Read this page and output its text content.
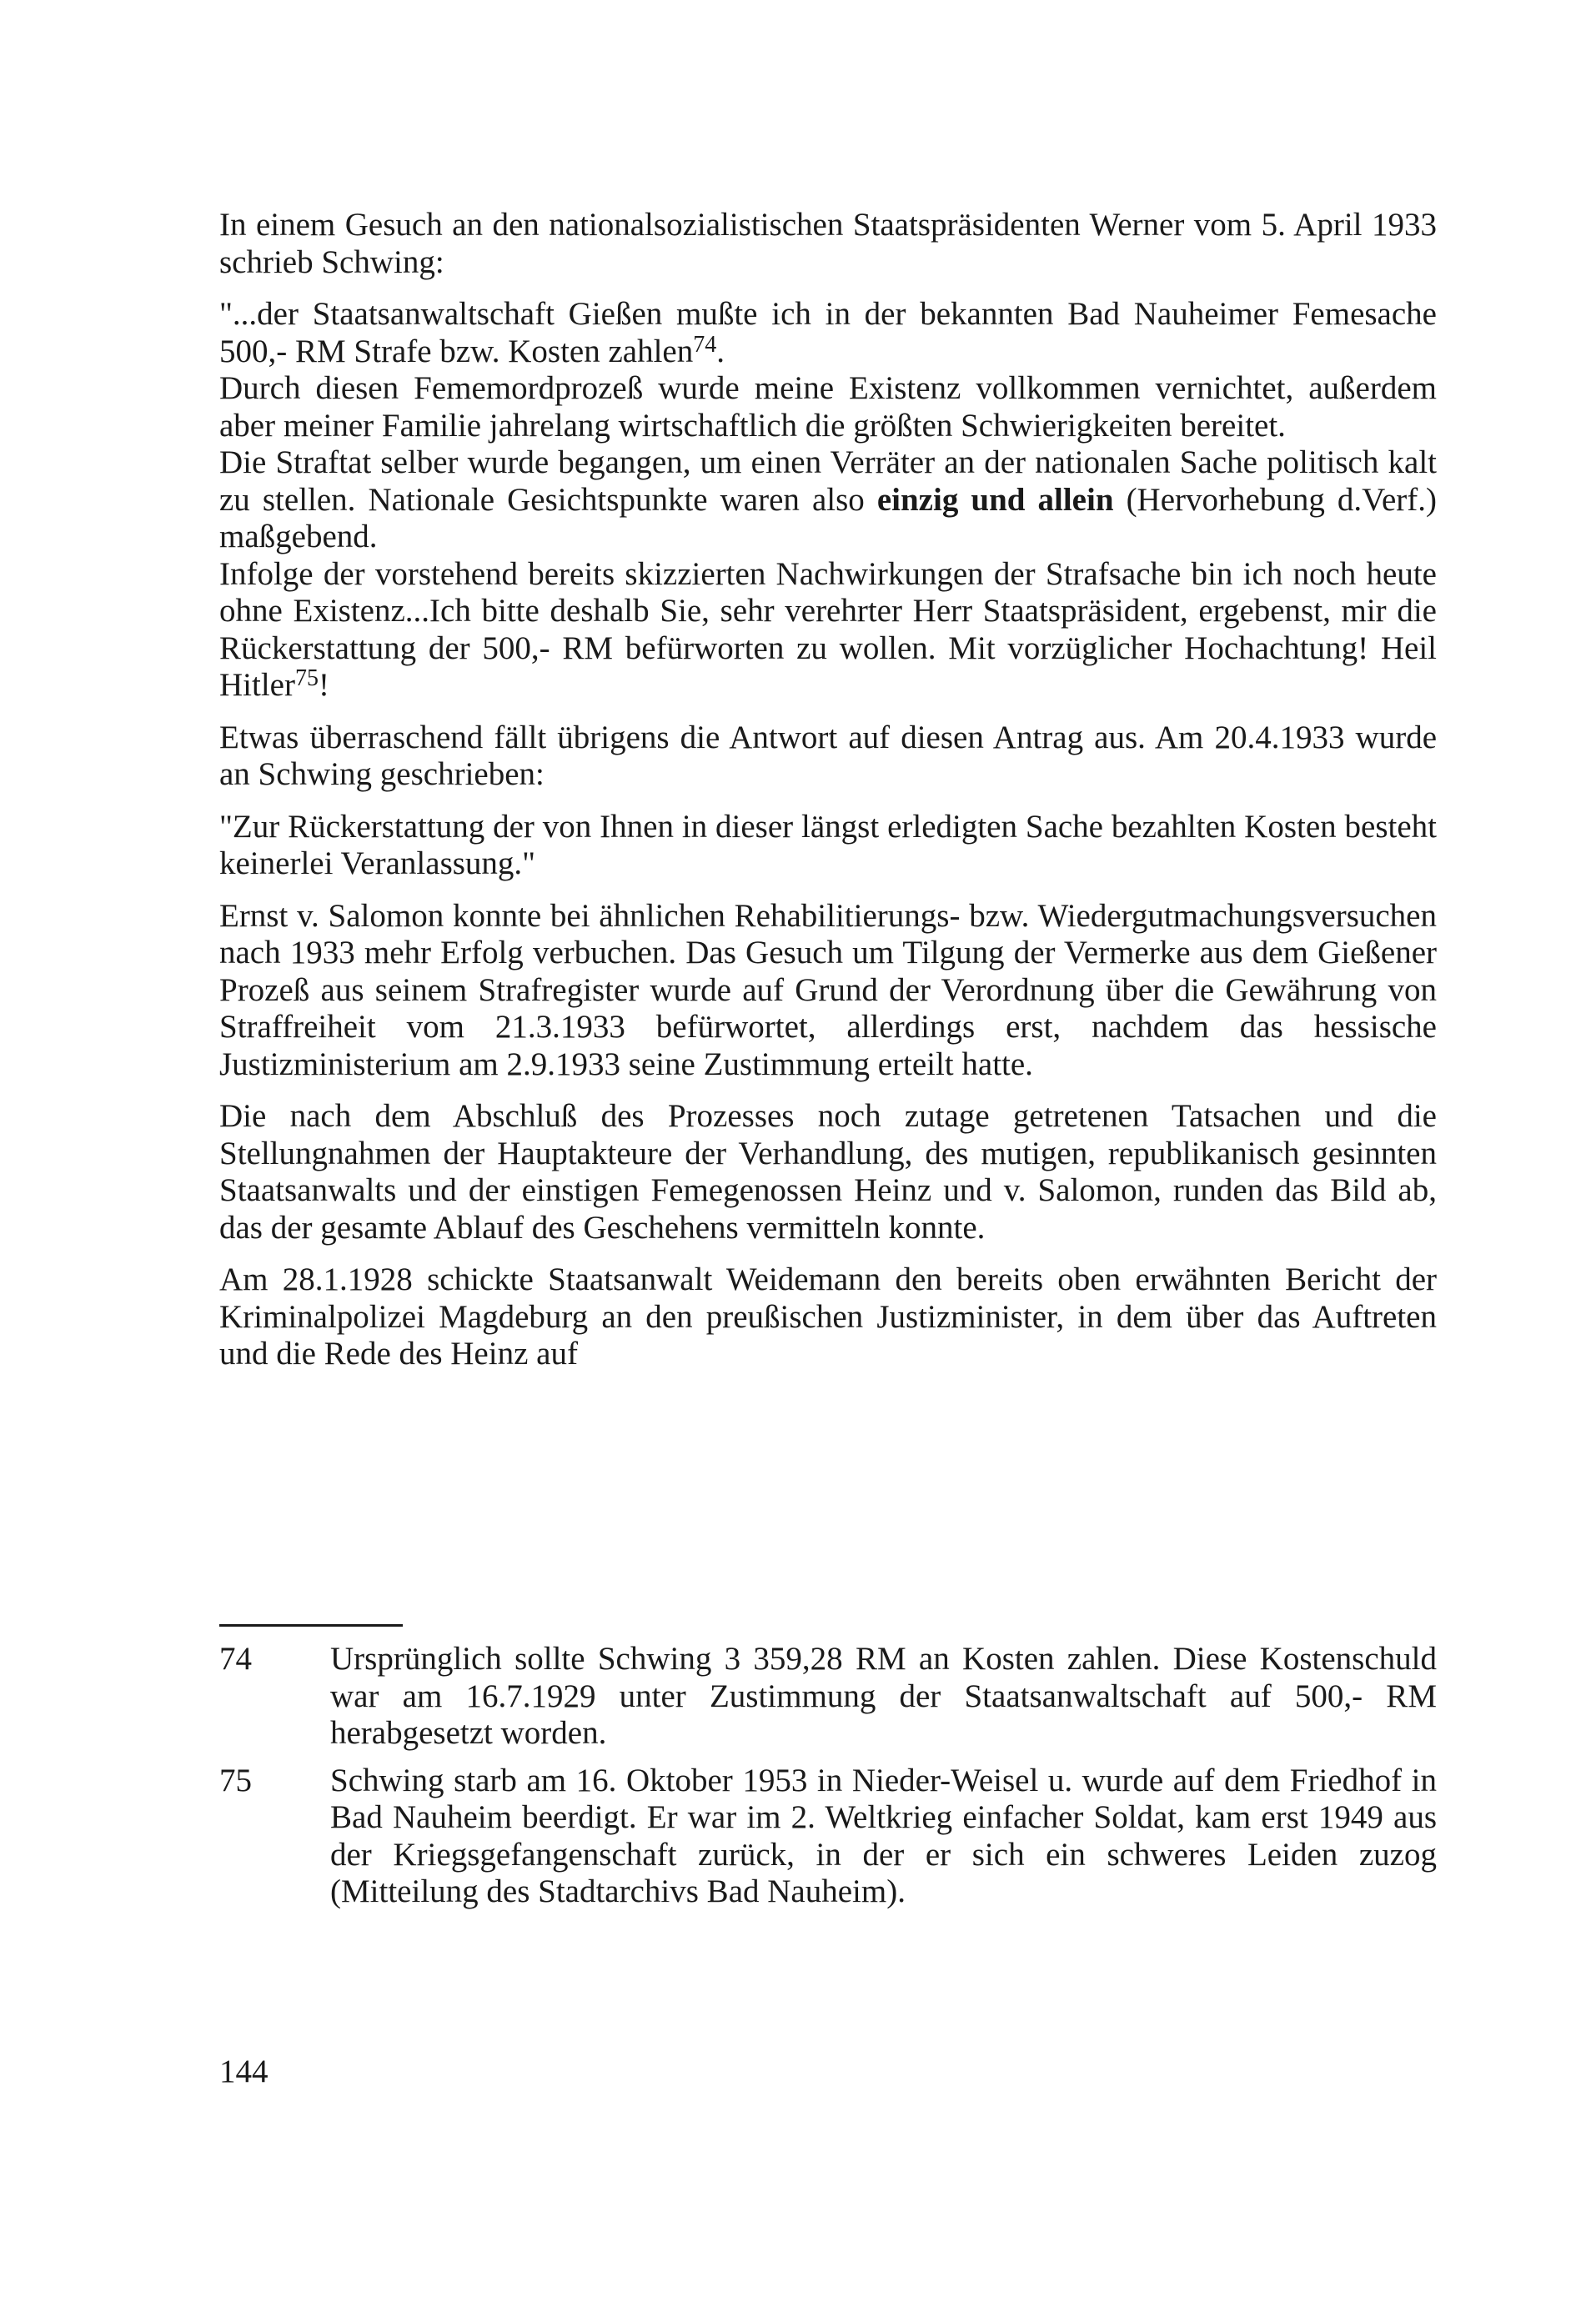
In einem Gesuch an den nationalsozialistischen Staatspräsidenten Werner vom 5. April 1933 schrieb Schwing:

"...der Staatsanwaltschaft Gießen mußte ich in der bekannten Bad Nauheimer Femesache 500,- RM Strafe bzw. Kosten zahlen$^{74}$.

Durch diesen Fememordprozeß wurde meine Existenz vollkommen vernichtet, außerdem aber meiner Familie jahrelang wirtschaftlich die größten Schwierigkeiten bereitet.

Die Straftat selber wurde begangen, um einen Verräter an der nationalen Sache politisch kalt zu stellen. Nationale Gesichtspunkte waren also einzig und allein (Hervorhebung d.Verf.) maßgebend.

Infolge der vorstehend bereits skizzierten Nachwirkungen der Strafsache bin ich noch heute ohne Existenz...Ich bitte deshalb Sie, sehr verehrter Herr Staatspräsident, ergebenst, mir die Rückerstattung der 500,- RM befürworten zu wollen. Mit vorzüglicher Hochachtung! Heil Hitler$^{75}$!

Etwas überraschend fällt übrigens die Antwort auf diesen Antrag aus. Am 20.4.1933 wurde an Schwing geschrieben:

"Zur Rückerstattung der von Ihnen in dieser längst erledigten Sache bezahlten Kosten besteht keinerlei Veranlassung."

Ernst v. Salomon konnte bei ähnlichen Rehabilitierungs- bzw. Wiedergutmachungsversuchen nach 1933 mehr Erfolg verbuchen. Das Gesuch um Tilgung der Vermerke aus dem Gießener Prozeß aus seinem Strafregister wurde auf Grund der Verordnung über die Gewährung von Straffreiheit vom 21.3.1933 befürwortet, allerdings erst, nachdem das hessische Justizministerium am 2.9.1933 seine Zustimmung erteilt hatte.

Die nach dem Abschluß des Prozesses noch zutage getretenen Tatsachen und die Stellungnahmen der Hauptakteure der Verhandlung, des mutigen, republikanisch gesinnten Staatsanwalts und der einstigen Femegenossen Heinz und v. Salomon, runden das Bild ab, das der gesamte Ablauf des Geschehens vermitteln konnte.

Am 28.1.1928 schickte Staatsanwalt Weidemann den bereits oben erwähnten Bericht der Kriminalpolizei Magdeburg an den preußischen Justizminister, in dem über das Auftreten und die Rede des Heinz auf

74	Ursprünglich sollte Schwing 3 359,28 RM an Kosten zahlen. Diese Kostenschuld war am 16.7.1929 unter Zustimmung der Staatsanwaltschaft auf 500,- RM herabgesetzt worden.
75	Schwing starb am 16. Oktober 1953 in Nieder-Weisel u. wurde auf dem Friedhof in Bad Nauheim beerdigt. Er war im 2. Weltkrieg einfacher Soldat, kam erst 1949 aus der Kriegsgefangenschaft zurück, in der er sich ein schweres Leiden zuzog (Mitteilung des Stadtarchivs Bad Nauheim).
144
